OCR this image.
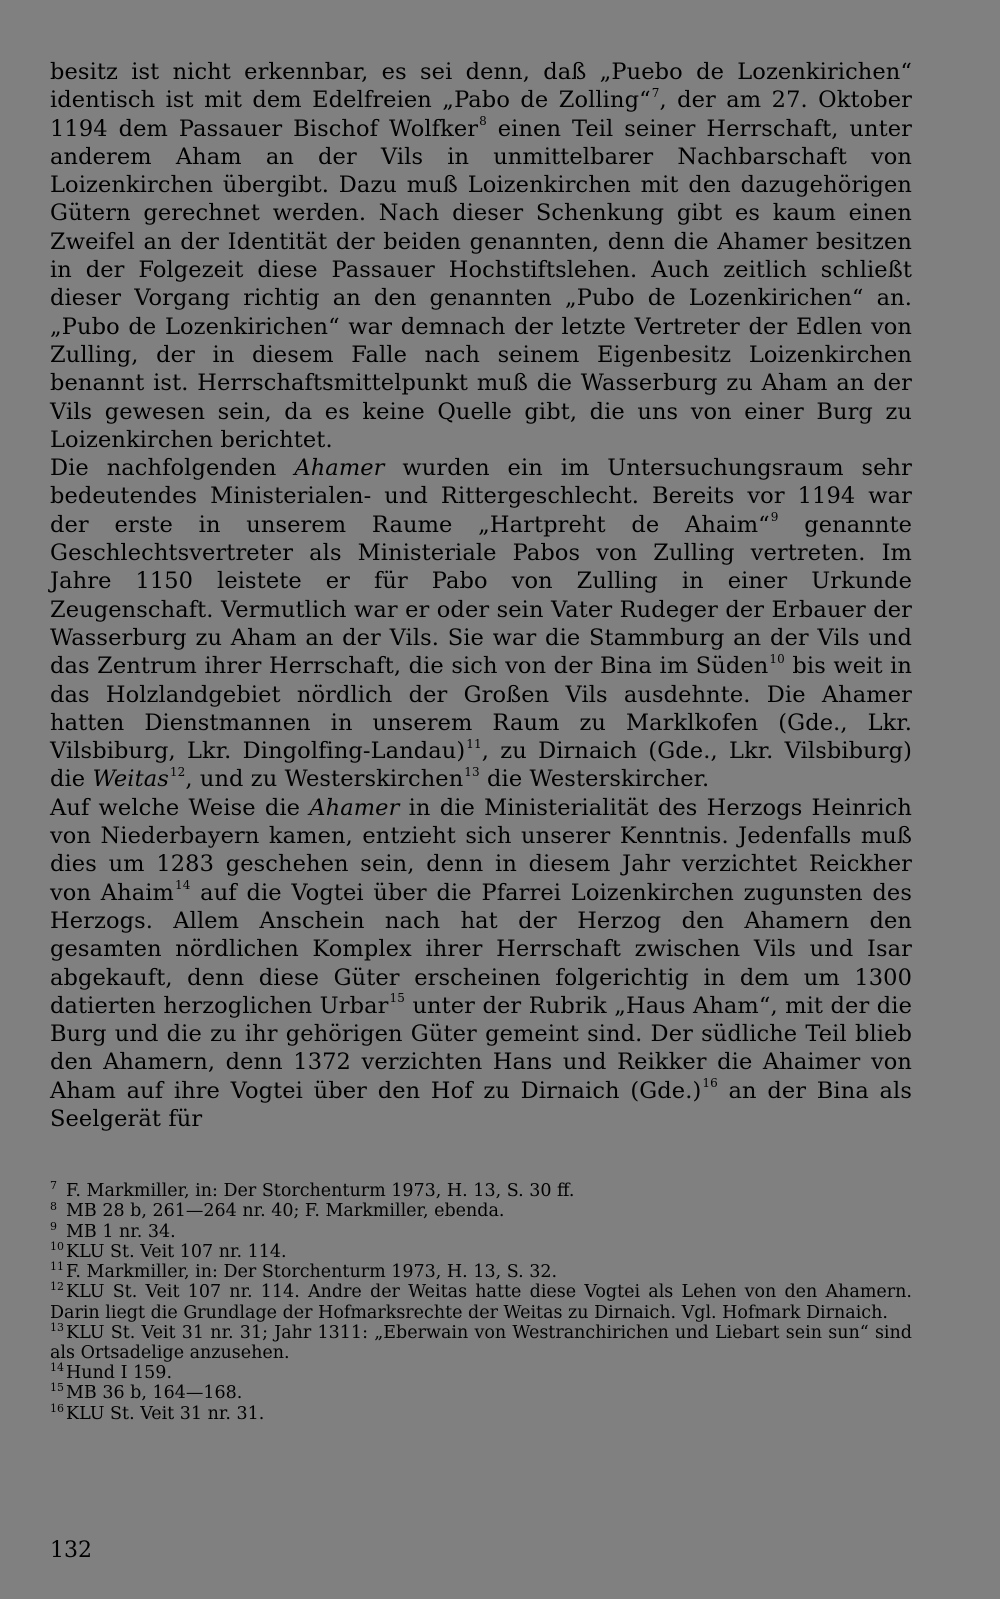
besitz ist nicht erkennbar, es sei denn, daß „Puebo de Lozenkirichen“ identisch ist mit dem Edelfreien „Pabo de Zolling“$^7$, der am 27. Oktober 1194 dem Passauer Bischof Wolfker$^8$ einen Teil seiner Herrschaft, unter anderem Aham an der Vils in unmittelbarer Nachbarschaft von Loizenkirchen übergibt. Dazu muß Loizenkirchen mit den dazugehörigen Gütern gerechnet werden. Nach dieser Schenkung gibt es kaum einen Zweifel an der Identität der beiden genannten, denn die Ahamer besitzen in der Folgezeit diese Passauer Hochstiftslehen. Auch zeitlich schließt dieser Vorgang richtig an den genannten „Pubo de Lozenkirichen“ an. „Pubo de Lozenkirichen“ war demnach der letzte Vertreter der Edlen von Zulling, der in diesem Falle nach seinem Eigenbesitz Loizenkirchen benannt ist. Herrschaftsmittelpunkt muß die Wasserburg zu Aham an der Vils gewesen sein, da es keine Quelle gibt, die uns von einer Burg zu Loizenkirchen berichtet.

Die nachfolgenden Ahamer wurden ein im Untersuchungsraum sehr bedeutendes Ministerialen- und Rittergeschlecht. Bereits vor 1194 war der erste in unserem Raume „Hartpreht de Ahaim“$^9$ genannte Geschlechtsvertreter als Ministeriale Pabos von Zulling vertreten. Im Jahre 1150 leistete er für Pabo von Zulling in einer Urkunde Zeugenschaft. Vermutlich war er oder sein Vater Rudeger der Erbauer der Wasserburg zu Aham an der Vils. Sie war die Stammburg an der Vils und das Zentrum ihrer Herrschaft, die sich von der Bina im Süden$^{10}$ bis weit in das Holzlandgebiet nördlich der Großen Vils ausdehnte. Die Ahamer hatten Dienstmannen in unserem Raum zu Marklkofen (Gde., Lkr. Vilsbiburg, Lkr. Dingolfing-Landau)$^{11}$, zu Dirnaich (Gde., Lkr. Vilsbiburg) die Weitas$^{12}$, und zu Westerskirchen$^{13}$ die Westerskircher.

Auf welche Weise die Ahamer in die Ministerialität des Herzogs Heinrich von Niederbayern kamen, entzieht sich unserer Kenntnis. Jedenfalls muß dies um 1283 geschehen sein, denn in diesem Jahr verzichtet Reickher von Ahaim$^{14}$ auf die Vogtei über die Pfarrei Loizenkirchen zugunsten des Herzogs. Allem Anschein nach hat der Herzog den Ahamern den gesamten nördlichen Komplex ihrer Herrschaft zwischen Vils und Isar abgekauft, denn diese Güter erscheinen folgerichtig in dem um 1300 datierten herzoglichen Urbar$^{15}$ unter der Rubrik „Haus Aham“, mit der die Burg und die zu ihr gehörigen Güter gemeint sind. Der südliche Teil blieb den Ahamern, denn 1372 verzichten Hans und Reikker die Ahaimer von Aham auf ihre Vogtei über den Hof zu Dirnaich (Gde.)$^{16}$ an der Bina als Seelgerät für

7 F. Markmiller, in: Der Storchenturm 1973, H. 13, S. 30 ff.
8 MB 28 b, 261—264 nr. 40; F. Markmiller, ebenda.
9 MB 1 nr. 34.
10 KLU St. Veit 107 nr. 114.
11 F. Markmiller, in: Der Storchenturm 1973, H. 13, S. 32.
12 KLU St. Veit 107 nr. 114. Andre der Weitas hatte diese Vogtei als Lehen von den Ahamern. Darin liegt die Grundlage der Hofmarksrechte der Weitas zu Dirnaich. Vgl. Hofmark Dirnaich.
13 KLU St. Veit 31 nr. 31; Jahr 1311: „Eberwain von Westranchirichen und Liebart sein sun“ sind als Ortsadelige anzusehen.
14 Hund I 159.
15 MB 36 b, 164—168.
16 KLU St. Veit 31 nr. 31.
132
